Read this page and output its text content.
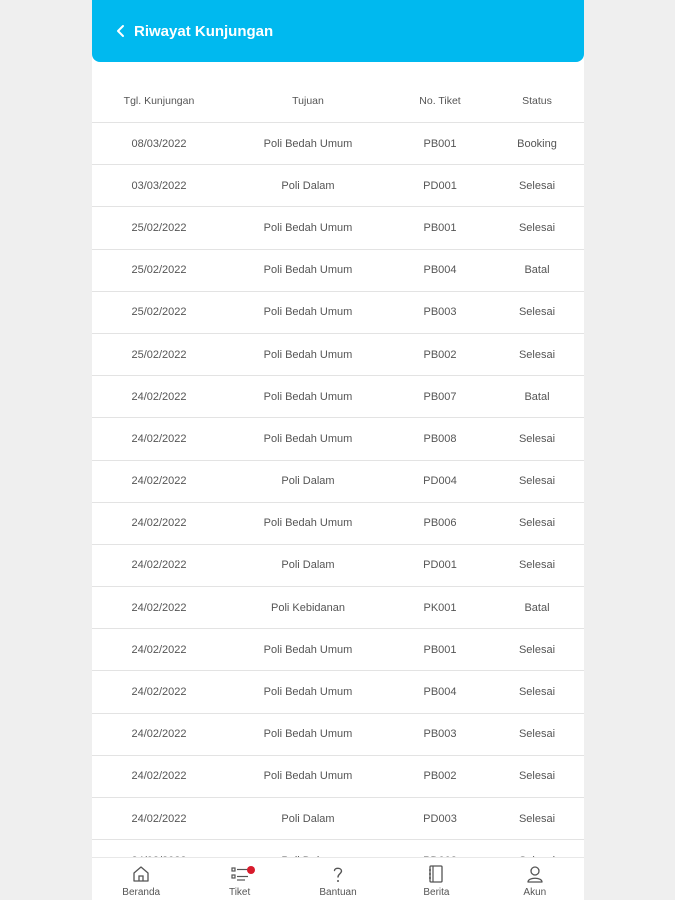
Riwayat Kunjungan
Tgl. Kunjungan	Tujuan	No. Tiket	Status
08/03/2022	Poli Bedah Umum	PB001	Booking
03/03/2022	Poli Dalam	PD001	Selesai
25/02/2022	Poli Bedah Umum	PB001	Selesai
25/02/2022	Poli Bedah Umum	PB004	Batal
25/02/2022	Poli Bedah Umum	PB003	Selesai
25/02/2022	Poli Bedah Umum	PB002	Selesai
24/02/2022	Poli Bedah Umum	PB007	Batal
24/02/2022	Poli Bedah Umum	PB008	Selesai
24/02/2022	Poli Dalam	PD004	Selesai
24/02/2022	Poli Bedah Umum	PB006	Selesai
24/02/2022	Poli Dalam	PD001	Selesai
24/02/2022	Poli Kebidanan	PK001	Batal
24/02/2022	Poli Bedah Umum	PB001	Selesai
24/02/2022	Poli Bedah Umum	PB004	Selesai
24/02/2022	Poli Bedah Umum	PB003	Selesai
24/02/2022	Poli Bedah Umum	PB002	Selesai
24/02/2022	Poli Dalam	PD003	Selesai
Beranda	Tiket	Bantuan	Berita	Akun
